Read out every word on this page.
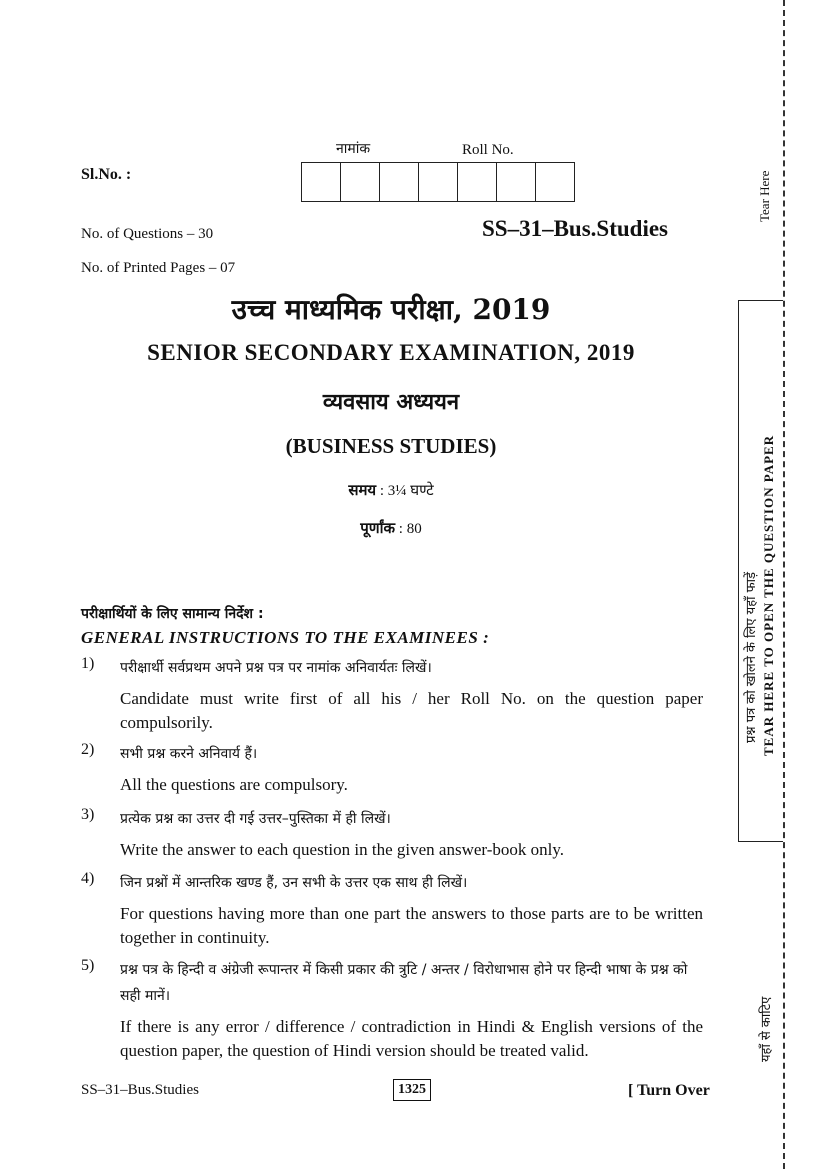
Sl.No. :
नामांक	Roll No.
No. of Questions – 30	SS–31–Bus.Studies
No. of Printed Pages – 07
उच्च माध्यमिक परीक्षा, 2019
SENIOR SECONDARY EXAMINATION, 2019
व्यवसाय अध्ययन
(BUSINESS STUDIES)
समय : 3¼ घण्टे
पूर्णांक : 80
परीक्षार्थियों के लिए सामान्य निर्देश :
GENERAL INSTRUCTIONS TO THE EXAMINEES :
1)	परीक्षार्थी सर्वप्रथम अपने प्रश्न पत्र पर नामांक अनिवार्यतः लिखें।
Candidate must write first of all his / her Roll No. on the question paper compulsorily.
2)	सभी प्रश्न करने अनिवार्य हैं।
All the questions are compulsory.
3)	प्रत्येक प्रश्न का उत्तर दी गई उत्तर–पुस्तिका में ही लिखें।
Write the answer to each question in the given answer-book only.
4)	जिन प्रश्नों में आन्तरिक खण्ड हैं, उन सभी के उत्तर एक साथ ही लिखें।
For questions having more than one part the answers to those parts are to be written together in continuity.
5)	प्रश्न पत्र के हिन्दी व अंग्रेजी रूपान्तर में किसी प्रकार की त्रुटि / अन्तर / विरोधाभास होने पर हिन्दी भाषा के प्रश्न को सही मानें।
If there is any error / difference / contradiction in Hindi & English versions of the question paper, the question of Hindi version should be treated valid.
SS–31–Bus.Studies	1325	[ Turn Over
Tear Here
प्रश्न पत्र को खोलने के लिए यहाँ फाड़ें TEAR HERE TO OPEN THE QUESTION PAPER
यहाँ से काटिए
